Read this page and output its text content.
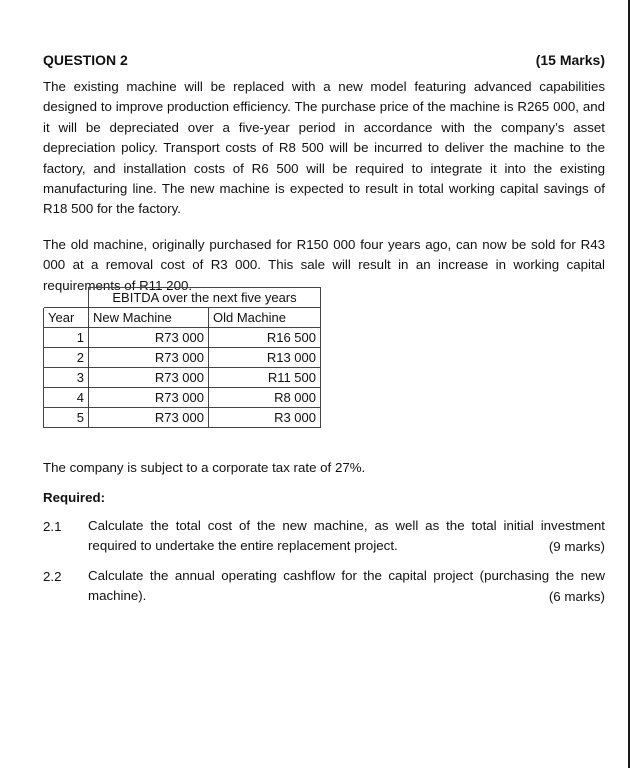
QUESTION 2	(15 Marks)
The existing machine will be replaced with a new model featuring advanced capabilities designed to improve production efficiency. The purchase price of the machine is R265 000, and it will be depreciated over a five-year period in accordance with the company’s asset depreciation policy. Transport costs of R8 500 will be incurred to deliver the machine to the factory, and installation costs of R6 500 will be required to integrate it into the existing manufacturing line. The new machine is expected to result in total working capital savings of R18 500 for the factory.
The old machine, originally purchased for R150 000 four years ago, can now be sold for R43 000 at a removal cost of R3 000. This sale will result in an increase in working capital requirements of R11 200.
	EBITDA over the next five years	
Year	New Machine	Old Machine
1	R73 000	R16 500
2	R73 000	R13 000
3	R73 000	R11 500
4	R73 000	R8 000
5	R73 000	R3 000
The company is subject to a corporate tax rate of 27%.
Required:
2.1 Calculate the total cost of the new machine, as well as the total initial investment required to undertake the entire replacement project.	(9 marks)
2.2 Calculate the annual operating cashflow for the capital project (purchasing the new machine).	(6 marks)
